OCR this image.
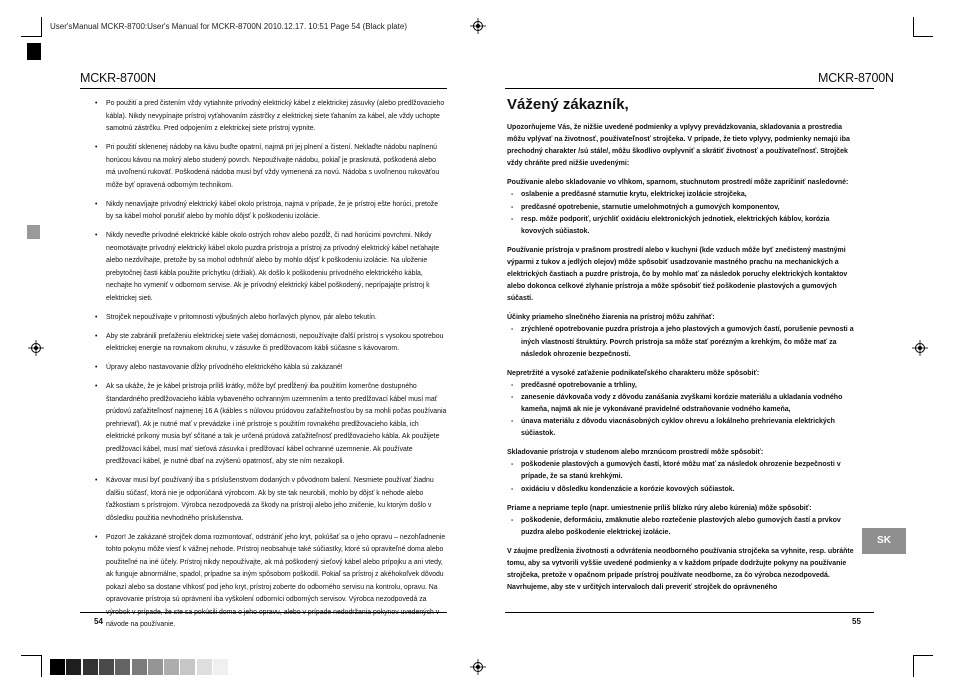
User'sManual MCKR-8700:User's Manual for MCKR-8700N 2010.12.17. 10:51 Page 54 (Black plate)
MCKR-8700N
• Po použití a pred čistením vždy vytiahnite prívodný elektrický kábel z elektrickej zásuvky (alebo predlžovacieho kábla). Nikdy nevypínajte prístroj vyťahovaním zástrčky z elektrickej siete ťahaním za kábel, ale vždy uchopte samotnú zástrčku. Pred odpojením z elektrickej siete prístroj vypnite.
• Pri použití sklenenej nádoby na kávu buďte opatrní, najmä pri jej plnení a čistení. Neklaďte nádobu naplnenú horúcou kávou na mokrý alebo studený povrch. Nepoužívajte nádobu, pokiaľ je prasknutá, poškodená alebo má uvoľnenú rukoväť. Poškodená nádoba musí byť vždy vymenená za novú. Nádoba s uvoľnenou rukoväťou môže byť opravená odborným technikom.
• Nikdy nenavíjajte prívodný elektrický kábel okolo prístroja, najmä v prípade, že je prístroj ešte horúci, pretože by sa kábel mohol porušiť alebo by mohlo dôjsť k poškodeniu izolácie.
• Nikdy neveďte prívodné elektrické káble okolo ostrých rohov alebo pozdĺž, či nad horúcimi povrchmi. Nikdy neomotávajte prívodný elektrický kábel okolo puzdra prístroja a prístroj za prívodný elektrický kábel neťahajte alebo nezdvíhajte, pretože by sa mohol odtrhnúť alebo by mohlo dôjsť k poškodeniu izolácie. Na uloženie prebytočnej časti kábla použite príchytku (držiak). Ak došlo k poškodeniu prívodného elektrického kábla, nechajte ho vymeniť v odbornom servise. Ak je prívodný elektrický kábel poškodený, neprípajajte prístroj k elektrickej sieti.
• Strojček nepoužívajte v prítomnosti výbušných alebo horľavých plynov, pár alebo tekutín.
• Aby ste zabránili preťaženiu elektrickej siete vašej domácnosti, nepoužívajte ďalší prístroj s vysokou spotrebou elektrickej energie na rovnakom okruhu, v zásuvke či predlžovacom kábli súčasne s kávovarom.
• Úpravy alebo nastavovanie dĺžky prívodného elektrického kábla sú zakázané!
• Ak sa ukáže, že je kábel prístroja príliš krátky, môže byť predĺžený iba použitím komerčne dostupného štandardného predlžovacieho kábla vybaveného ochranným uzemnením a tento predlžovací kábel musí mať prúdovú zaťažiteľnosť najmenej 16 A (kábles s núlovou prúdovou zaťažiteľnosťou by sa mohli počas používania prehrievať). Ak je nutné mať v prevádzke i iné prístroje s použitím rovnakého predlžovacieho kábla, ich elektrické príkony musia byť sčítané a tak je určená prúdová zaťažiteľnosť predlžovacieho kábla. Ak použijete predlžovací kábel, musí mať sieťová zásuvka i predlžovací kábel ochranné uzemnenie. Ak používate predlžovací kábel, je nutné dbať na zvýšenú opatrnosť, aby ste ním nezakopli.
• Kávovar musí byť používaný iba s príslušenstvom dodaných v pôvodnom balení. Nesmiete používať žiadnu ďalšiu súčasť, ktorá nie je odporúčaná výrobcom. Ak by ste tak neurobili, mohlo by dôjsť k nehode alebo ťažkostiam s prístrojom. Výrobca nezodpovedá za škody na prístroji alebo jeho zničenie, ku ktorým došlo v dôsledku použitia nevhodného príslušenstva.
• Pozor! Je zakázané strojček doma rozmontovať, odstrániť jeho kryt, pokúšať sa o jeho opravu – nezohľadnenie tohto pokynu môže viesť k vážnej nehode. Prístroj neobsahuje také súčiastky, ktoré sú opraviteľné doma alebo použiteľné na iné účely. Prístroj nikdy nepoužívajte, ak má poškodený sieťový kábel alebo prípojku a ani vtedy, ak funguje abnormálne, spadol, prípadne sa iným spôsobom poškodil. Pokiaľ sa prístroj z akéhokoľvek dôvodu pokazí alebo sa dostane vlhkosť pod jeho kryt, prístroj zoberte do odborného servisu na kontrolu, opravu. Na opravovanie prístroja sú oprávnení iba vyškolení odborníci odborných servisov. Výrobca nezodpovedá za návode na používanie.
54
MCKR-8700N
Vážený zákazník,

Upozorňujeme Vás, že nižšie uvedené podmienky a vplyvy prevádzkovania, skladovania a prostredia môžu vplývať na životnosť, používateľnosť strojčeka. V prípade, že tieto vplyvy, podmienky nemajú iba prechodný charakter /sú stále/, môžu škodlivo ovplyvniť a skrátiť životnosť a používateľnosť. Strojček vždy chráňte pred nižšie uvedenými:

Používanie alebo skladovanie vo vlhkom, sparnom, stuchnutom prostredí môže zapríčiniť nasledovné:

- oslabenie a predčasné starnutie krytu, elektrickej izolácie strojčeka,
- predčasné opotrebenie, starnutie umelohmotných a gumových komponentov,
- resp. môže podporiť, urýchliť oxidáciu elektronických jednotiek, elektrických káblov, korózia kovových súčiastok.

Používanie prístroja v prašnom prostredí alebo v kuchyni (kde vzduch môže byť znečistený mastnými výparmi z tukov a jedlých olejov) môže spôsobiť usadzovanie mastného prachu na mechanických a elektrických častiach a puzdre prístroja, čo by mohlo mať za následok poruchy elektrických kontaktov alebo dokonca celkové zlyhanie prístroja a môže spôsobiť tiež poškodenie plastových a gumových súčastí.

Účinky priameho slnečného žiarenia na prístroj môžu zahŕňať:

- zrýchlené opotrebovanie puzdra prístroja a jeho plastových a gumových častí, porušenie pevnosti a iných vlastností štruktúry. Povrch prístroja sa môže stať porézným a krehkým, čo môže mať za následok ohrozenie bezpečnosti.

Nepretržité a vysoké zaťaženie podnikateľského charakteru môže spôsobiť:

- predčasné opotrebovanie a trhliny,
- zanesenie dávkovača vody z dôvodu zanášania zvyškami korózie materiálu a ukladania vodného kameňa, najmä ak nie je vykonávané pravidelné odstraňovanie vodného kameňa,
- únava materiálu z dôvodu viacnásobných cyklov ohrevu a lokálneho prehrievania elektrických súčiastok.

Skladovanie prístroja v studenom alebo mrznúcom prostredí môže spôsobiť:

- poškodenie plastových a gumových častí, ktoré môžu mať za následok ohrozenie bezpečnosti v prípade, že sa stanú krehkými.
- oxidáciu v dôsledku kondenzácie a korózie kovových súčiastok.

Priame a nepriame teplo (napr. umiestnenie príliš blízko rúry alebo kúrenia) môže spôsobiť:

- poškodenie, deformáciu, zmäknutie alebo roztečenie plastových alebo gumových častí a prvkov puzdra alebo poškodenie elektrickej izolácie.

V záujme predĺženia životnosti a odvrátenia neodborného používania strojčeka sa vyhnite, resp. ubráňte tomu, aby sa vytvorili vyššie uvedené podmienky a v každom prípade dodržujte pokyny na používanie strojčeka, pretože v opačnom prípade prístroj používate neodborne, za čo výrobca nezodpovedá. Navrhujeme, aby ste v určitých intervaloch dali preveriť strojček do oprávneného

SK
55
